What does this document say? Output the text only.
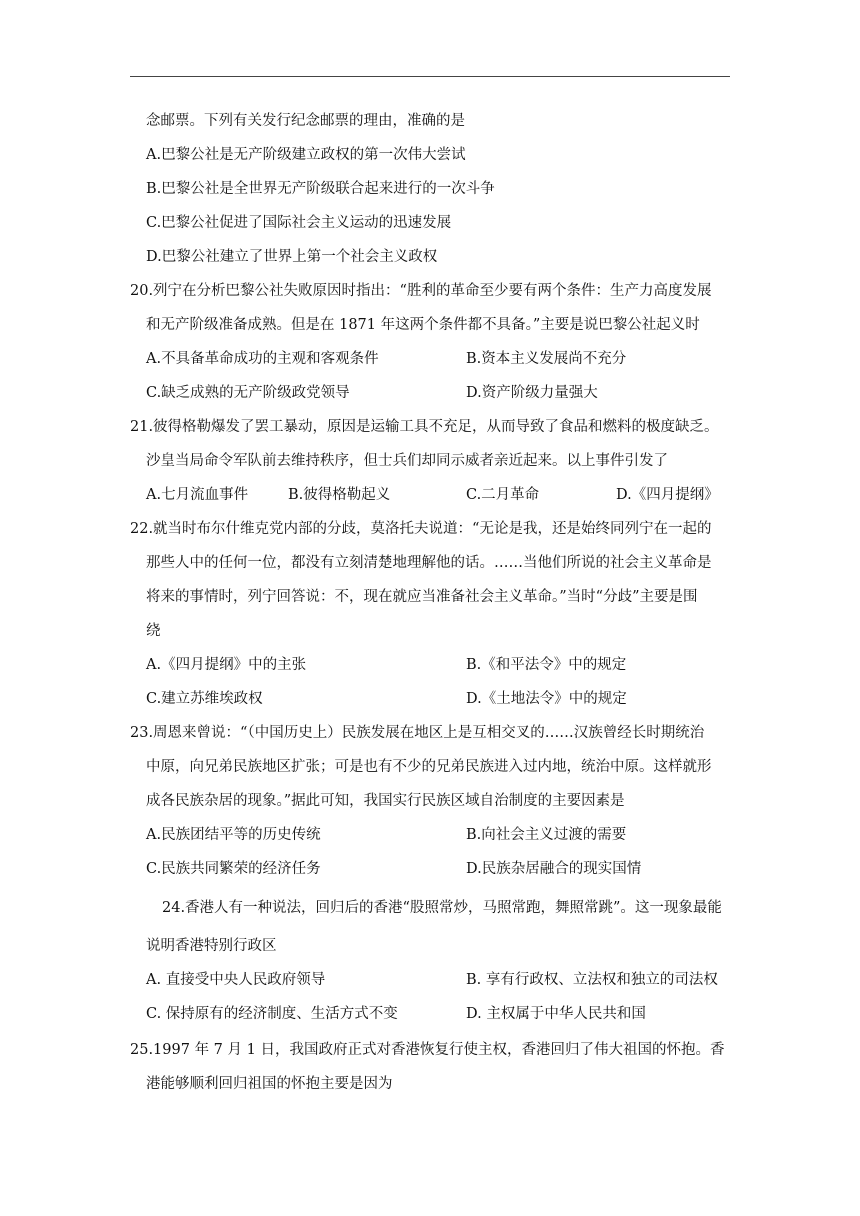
念邮票。下列有关发行纪念邮票的理由，准确的是
A.巴黎公社是无产阶级建立政权的第一次伟大尝试
B.巴黎公社是全世界无产阶级联合起来进行的一次斗争
C.巴黎公社促进了国际社会主义运动的迅速发展
D.巴黎公社建立了世界上第一个社会主义政权
20.列宁在分析巴黎公社失败原因时指出：“胜利的革命至少要有两个条件：生产力高度发展
和无产阶级准备成熟。但是在 1871 年这两个条件都不具备。”主要是说巴黎公社起义时
A.不具备革命成功的主观和客观条件	B.资本主义发展尚不充分
C.缺乏成熟的无产阶级政党领导	D.资产阶级力量强大
21.彼得格勒爆发了罢工暴动，原因是运输工具不充足，从而导致了食品和燃料的极度缺乏。
沙皇当局命令军队前去维持秩序，但士兵们却同示威者亲近起来。以上事件引发了
A.七月流血事件	B.彼得格勒起义	C.二月革命	D.《四月提纲》
22.就当时布尔什维克党内部的分歧，莫洛托夫说道：“无论是我，还是始终同列宁在一起的
那些人中的任何一位，都没有立刻清楚地理解他的话。……当他们所说的社会主义革命是
将来的事情时，列宁回答说：不，现在就应当准备社会主义革命。”当时“分歧”主要是围
绕
A.《四月提纲》中的主张	B.《和平法令》中的规定
C.建立苏维埃政权	D.《土地法令》中的规定
23.周恩来曾说：“（中国历史上）民族发展在地区上是互相交叉的……汉族曾经长时期统治
中原，向兄弟民族地区扩张；可是也有不少的兄弟民族进入过内地，统治中原。这样就形
成各民族杂居的现象。”据此可知，我国实行民族区域自治制度的主要因素是
A.民族团结平等的历史传统	B.向社会主义过渡的需要
C.民族共同繁荣的经济任务	D.民族杂居融合的现实国情
24.香港人有一种说法，回归后的香港“股照常炒，马照常跑，舞照常跳”。这一现象最能
说明香港特别行政区
A. 直接受中央人民政府领导	B. 享有行政权、立法权和独立的司法权
C. 保持原有的经济制度、生活方式不变	D. 主权属于中华人民共和国
25.1997 年 7 月 1 日，我国政府正式对香港恢复行使主权，香港回归了伟大祖国的怀抱。香
港能够顺利回归祖国的怀抱主要是因为
